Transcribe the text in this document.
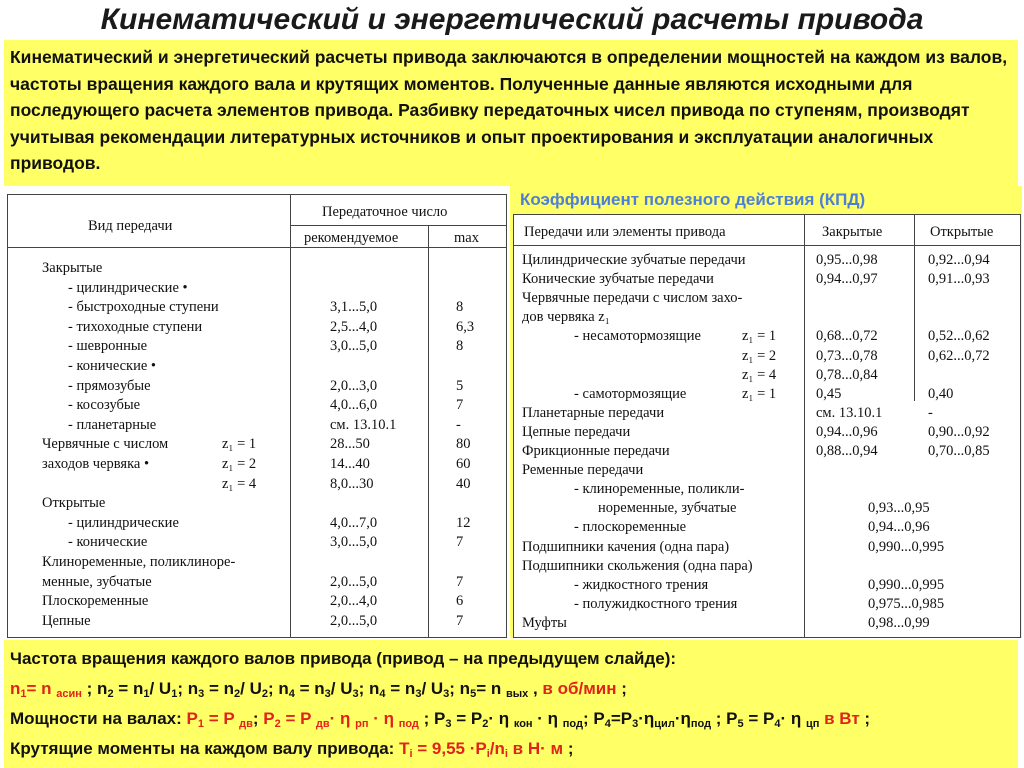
Кинематический и энергетический расчеты привода
Кинематический и энергетический расчеты привода заключаются в определении мощностей на каждом из валов, частоты вращения каждого вала и крутящих моментов. Полученные данные являются исходными для последующего расчета элементов привода. Разбивку передаточных чисел привода по ступеням, производят учитывая рекомендации литературных источников и опыт проектирования и эксплуатации аналогичных приводов.
Вид передачи
Передаточное число
рекомендуемое	max
Закрытые
- цилиндрические •
- быстроходные ступени	3,1...5,0	8
- тихоходные ступени	2,5...4,0	6,3
- шевронные	3,0...5,0	8
- конические •
- прямозубые	2,0...3,0	5
- косозубые	4,0...6,0	7
- планетарные	см. 13.10.1	-
Червячные с числом	z₁ = 1	28...50	80
заходов червяка •	z₁ = 2	14...40	60
z₁ = 4	8,0...30	40
Открытые
- цилиндрические	4,0...7,0	12
- конические	3,0...5,0	7
Клиноременные, поликлиноре-
менные, зубчатые	2,0...5,0	7
Плоскоременные	2,0...4,0	6
Цепные	2,0...5,0	7
Коэффициент полезного действия (КПД)
Передачи или элементы привода	Закрытые	Открытые
Цилиндрические зубчатые передачи	0,95...0,98	0,92...0,94
Конические зубчатые передачи	0,94...0,97	0,91...0,93
Червячные передачи с числом захо-
дов червяка z₁
- несамотормозящие	z₁ = 1	0,68...0,72	0,52...0,62
z₁ = 2	0,73...0,78	0,62...0,72
z₁ = 4	0,78...0,84
- самотормозящие	z₁ = 1	0,45	0,40
Планетарные передачи	см. 13.10.1	-
Цепные передачи	0,94...0,96	0,90...0,92
Фрикционные передачи	0,88...0,94	0,70...0,85
Ременные передачи
- клиноременные, поликли-
ноременные, зубчатые	0,93...0,95
- плоскоременные	0,94...0,96
Подшипники качения (одна пара)	0,990...0,995
Подшипники скольжения (одна пара)
- жидкостного трения	0,990...0,995
- полужидкостного трения	0,975...0,985
Муфты	0,98...0,99
Частота вращения каждого валов привода (привод – на предыдущем слайде):
$n_1= n$ $_{асин}$ ; $n_2 = n_1/$ $U_1$; $n_3 = n_2/$ $U_2$; $n_4 = n_3/$ $U_3$; $n_4 = n_3/$ $U_3$; $n_5= n$ $_{вых}$ , в об/мин ;
Мощности на валах: $P_1 = P$ $_{дв}$; $P_2 = P$ $_{дв}$· η $_{рп}$ · η $_{под}$ ; $P_3 = P_2\cdot \eta$ $_{кон}$ · η $_{под}$; $P_4=P_3\cdot\eta_{цил}\cdot\eta_{под}$ ; $P_5 = P_4\cdot \eta$ $_{цп}$ в Вт ;
Крутящие моменты на каждом валу привода: $T_i = 9,55 \cdot P_i/n_i$ в Н· м ;
